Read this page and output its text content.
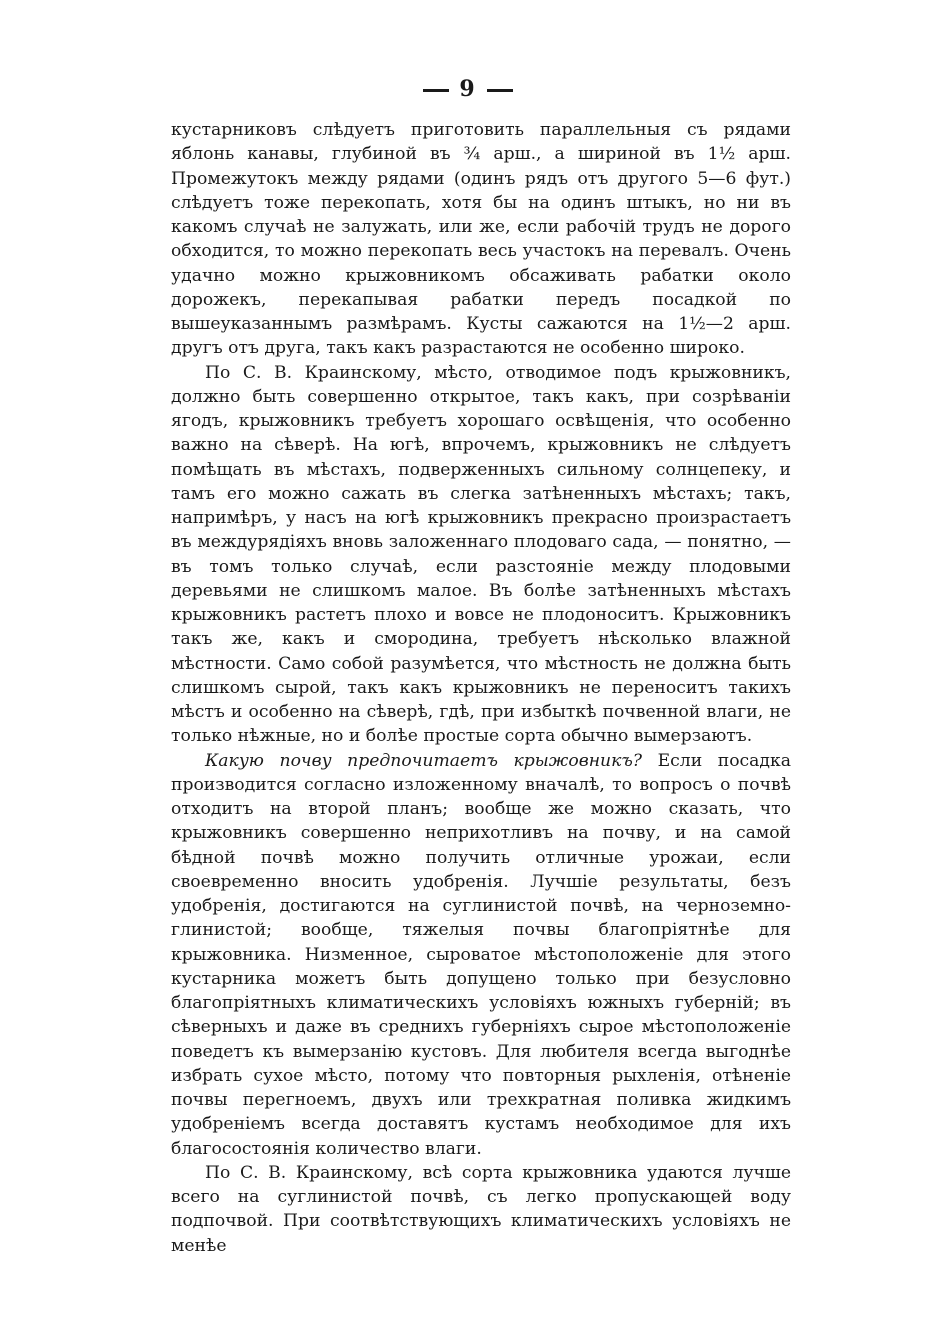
9

кустарниковъ слѣдуетъ приготовить параллельныя съ рядами яблонь канавы, глубиной въ ¾ арш., а шириной въ 1½ арш. Промежутокъ между рядами (одинъ рядъ отъ другого 5—6 фут.) слѣдуетъ тоже перекопать, хотя бы на одинъ штыкъ, но ни въ какомъ случаѣ не залужать, или же, если рабочій трудъ не дорого обходится, то можно перекопать весь участокъ на перевалъ. Очень удачно можно крыжовникомъ обсаживать рабатки около дорожекъ, перекапывая рабатки передъ посадкой по вышеуказаннымъ размѣрамъ. Кусты сажаются на 1½—2 арш. другъ отъ друга, такъ какъ разрастаются не особенно широко.

По С. В. Краинскому, мѣсто, отводимое подъ крыжовникъ, должно быть совершенно открытое, такъ какъ, при созрѣваніи ягодъ, крыжовникъ требуетъ хорошаго освѣщенія, что особенно важно на сѣверѣ. На югѣ, впрочемъ, крыжовникъ не слѣдуетъ помѣщать въ мѣстахъ, подверженныхъ сильному солнцепеку, и тамъ его можно сажать въ слегка затѣненныхъ мѣстахъ; такъ, напримѣръ, у насъ на югѣ крыжовникъ прекрасно произрастаетъ въ междурядіяхъ вновь заложеннаго плодоваго сада, — понятно, — въ томъ только случаѣ, если разстояніе между плодовыми деревьями не слишкомъ малое. Въ болѣе затѣненныхъ мѣстахъ крыжовникъ растетъ плохо и вовсе не плодоноситъ. Крыжовникъ такъ же, какъ и смородина, требуетъ нѣсколько влажной мѣстности. Само собой разумѣется, что мѣстность не должна быть слишкомъ сырой, такъ какъ крыжовникъ не переноситъ такихъ мѣстъ и особенно на сѣверѣ, гдѣ, при избыткѣ почвенной влаги, не только нѣжные, но и болѣе простые сорта обычно вымерзаютъ.

Какую почву предпочитаетъ крыжовникъ? Если посадка производится согласно изложенному вначалѣ, то вопросъ о почвѣ отходитъ на второй планъ; вообще же можно сказать, что крыжовникъ совершенно неприхотливъ на почву, и на самой бѣдной почвѣ можно получить отличные урожаи, если своевременно вносить удобренія. Лучшіе результаты, безъ удобренія, достигаются на суглинистой почвѣ, на черноземно-глинистой; вообще, тяжелыя почвы благопріятнѣе для крыжовника. Низменное, сыроватое мѣстоположеніе для этого кустарника можетъ быть допущено только при безусловно благопріятныхъ климатическихъ условіяхъ южныхъ губерній; въ сѣверныхъ и даже въ среднихъ губерніяхъ сырое мѣстоположеніе поведетъ къ вымерзанію кустовъ. Для любителя всегда выгоднѣе избрать сухое мѣсто, потому что повторныя рыхленія, отѣненіе почвы перегноемъ, двухъ или трехкратная поливка жидкимъ удобреніемъ всегда доставятъ кустамъ необходимое для ихъ благосостоянія количество влаги.

По С. В. Краинскому, всѣ сорта крыжовника удаются лучше всего на суглинистой почвѣ, съ легко пропускающей воду подпочвой. При соотвѣтствующихъ климатическихъ условіяхъ не менѣе
